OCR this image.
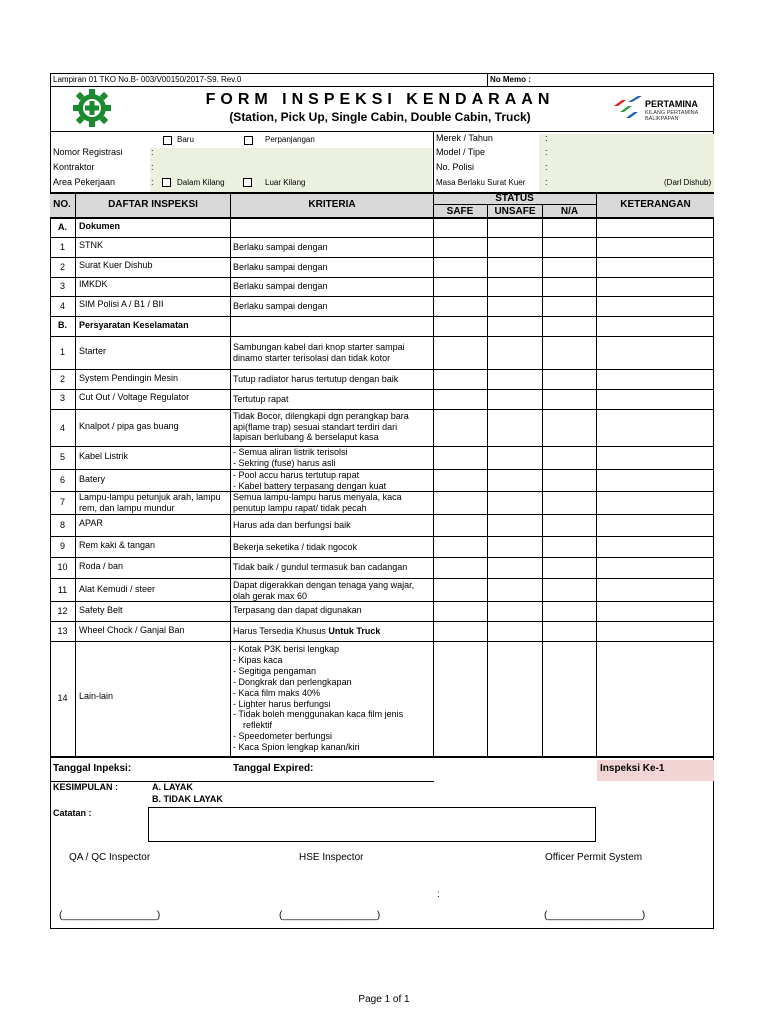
Lampiran 01 TKO No.B- 003/V00150/2017-S9. Rev.0	No Memo :
FORM INSPEKSI KENDARAAN
(Station, Pick Up, Single Cabin, Double Cabin, Truck)
PERTAMINA
KILANG PERTAMINA
BALIKPAPAN
Baru	Perpanjangan
Nomor Registrasi	:
Kontraktor	:
Area Pekerjaan	:	Dalam Kilang	Luar Kilang
Merek / Tahun	:
Model / Tipe	:
No. Polisi	:
Masa Berlaku Surat Kuer :	(Darl Dishub)
NO.	DAFTAR INSPEKSI	KRITERIA
STATUS
SAFE	UNSAFE	N/A
KETERANGAN
A.	Dokumen
1	STNK	Berlaku sampai dengan
2	Surat Kuer Dishub	Berlaku sampai dengan
3	IMKDK	Berlaku sampai dengan
4	SIM Polisi A / B1 / BII	Berlaku sampai dengan
B.	Persyaratan Keselamatan
1	Starter	Sambungan kabel dari knop starter sampai
dinamo starter terisolasi dan tidak kotor
2	System Pendingin Mesin	Tutup radiator harus tertutup dengan baik
3	Cut Out / Voltage Regulator	Tertutup rapat
4	Knalpot / pipa gas buang
Tidak Bocor, dilengkapi dgn perangkap bara
api(flame trap) sesuai standart terdiri dari
lapisan berlubang & berselaput kasa
5	Kabel Listrik	- Semua aliran listrik terisolsi
- Sekring (fuse) harus asli
6	Batery	- Pool accu harus tertutup rapat
- Kabel battery terpasang dengan kuat
7	Lampu-lampu petunjuk arah, lampu
rem, dan lampu mundur
Semua lampu-lampu harus menyala, kaca
penutup lampu rapat/ tidak pecah
8	APAR	Harus ada dan berfungsi baik
9	Rem kaki & tangan	Bekerja seketika / tidak ngocok
10	Roda / ban	Tidak baik / gundul termasuk ban cadangan
11	Alat Kemudi / steer	Dapat digerakkan dengan tenaga yang wajar,
olah gerak max 60
12	Safety Belt	Terpasang dan dapat digunakan
13	Wheel Chock / Ganjal Ban	Harus Tersedia Khusus Untuk Truck
14	Lain-lain
- Kotak P3K berisi lengkap
- Kipas kaca
- Segitiga pengaman
- Dongkrak dan perlengkapan
- Kaca film maks 40%
- Lighter harus berfungsi
- Tidak boleh menggunakan kaca film jenis
reflektif
- Speedometer berfungsi
- Kaca Spion lengkap kanan/kiri
Tanggal Inpeksi:	Tanggal Expired:	Inspeksi Ke-1
KESIMPULAN :	A. LAYAK
B. TIDAK LAYAK
Catatan :
QA / QC Inspector	HSE Inspector	Officer Permit System
:
(_________________)	(_________________)	(_________________)
Page 1 of 1
